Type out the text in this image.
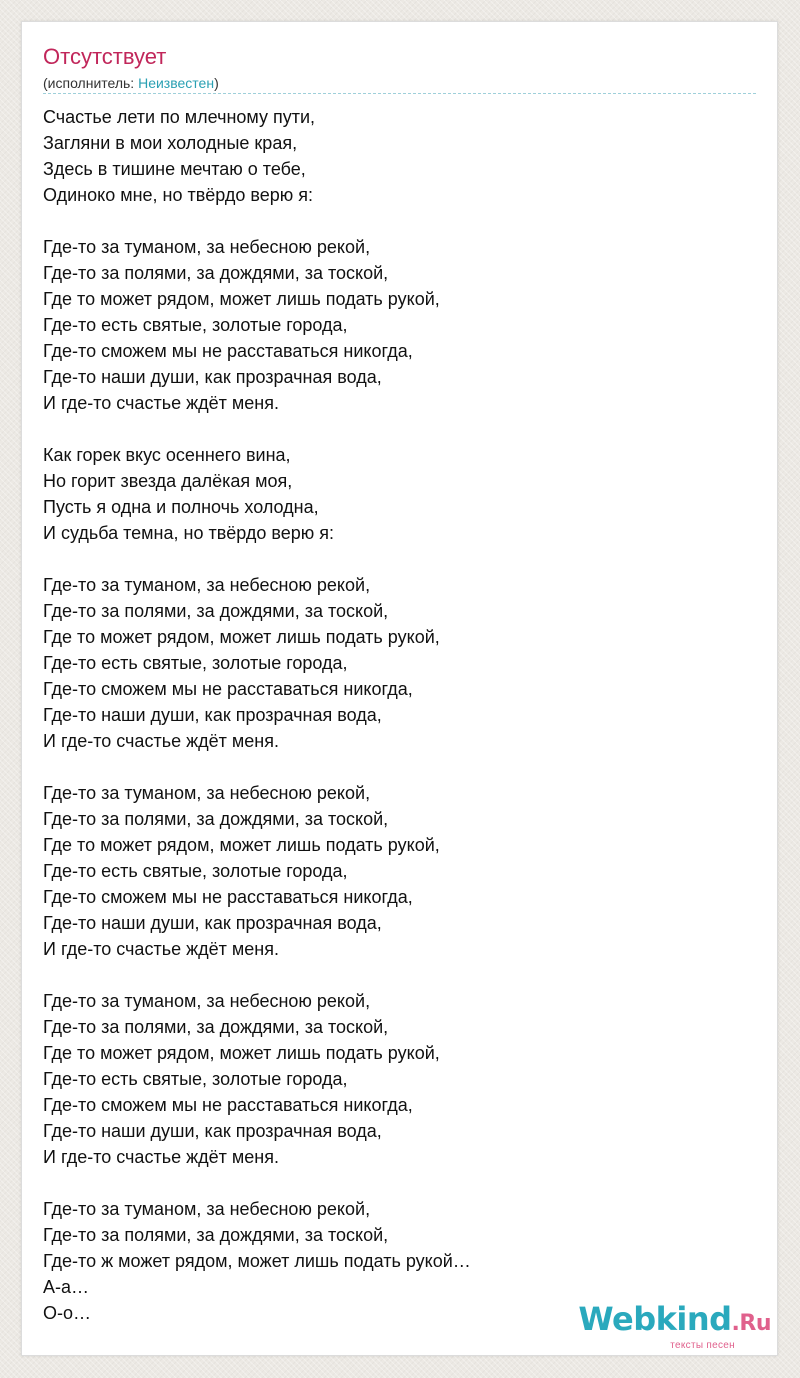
Отсутствует
(исполнитель: Неизвестен)
Счастье лети по млечному пути,
Загляни в мои холодные края,
Здесь в тишине мечтаю о тебе,
Одиноко мне, но твёрдо верю я:
Где-то за туманом, за небесною рекой,
Где-то за полями, за дождями, за тоской,
Где то может рядом, может лишь подать рукой,
Где-то есть святые, золотые города,
Где-то сможем мы не расставаться никогда,
Где-то наши души, как прозрачная вода,
И где-то счастье ждёт меня.
Как горек вкус осеннего вина,
Но горит звезда далёкая моя,
Пусть я одна и полночь холодна,
И судьба темна, но твёрдо верю я:
Где-то за туманом, за небесною рекой,
Где-то за полями, за дождями, за тоской,
Где то может рядом, может лишь подать рукой,
Где-то есть святые, золотые города,
Где-то сможем мы не расставаться никогда,
Где-то наши души, как прозрачная вода,
И где-то счастье ждёт меня.
Где-то за туманом, за небесною рекой,
Где-то за полями, за дождями, за тоской,
Где то может рядом, может лишь подать рукой,
Где-то есть святые, золотые города,
Где-то сможем мы не расставаться никогда,
Где-то наши души, как прозрачная вода,
И где-то счастье ждёт меня.
Где-то за туманом, за небесною рекой,
Где-то за полями, за дождями, за тоской,
Где то может рядом, может лишь подать рукой,
Где-то есть святые, золотые города,
Где-то сможем мы не расставаться никогда,
Где-то наши души, как прозрачная вода,
И где-то счастье ждёт меня.
Где-то за туманом, за небесною рекой,
Где-то за полями, за дождями, за тоской,
Где-то ж может рядом, может лишь подать рукой…
А-а…
О-о…	Webkind.Ru
тексты песен
